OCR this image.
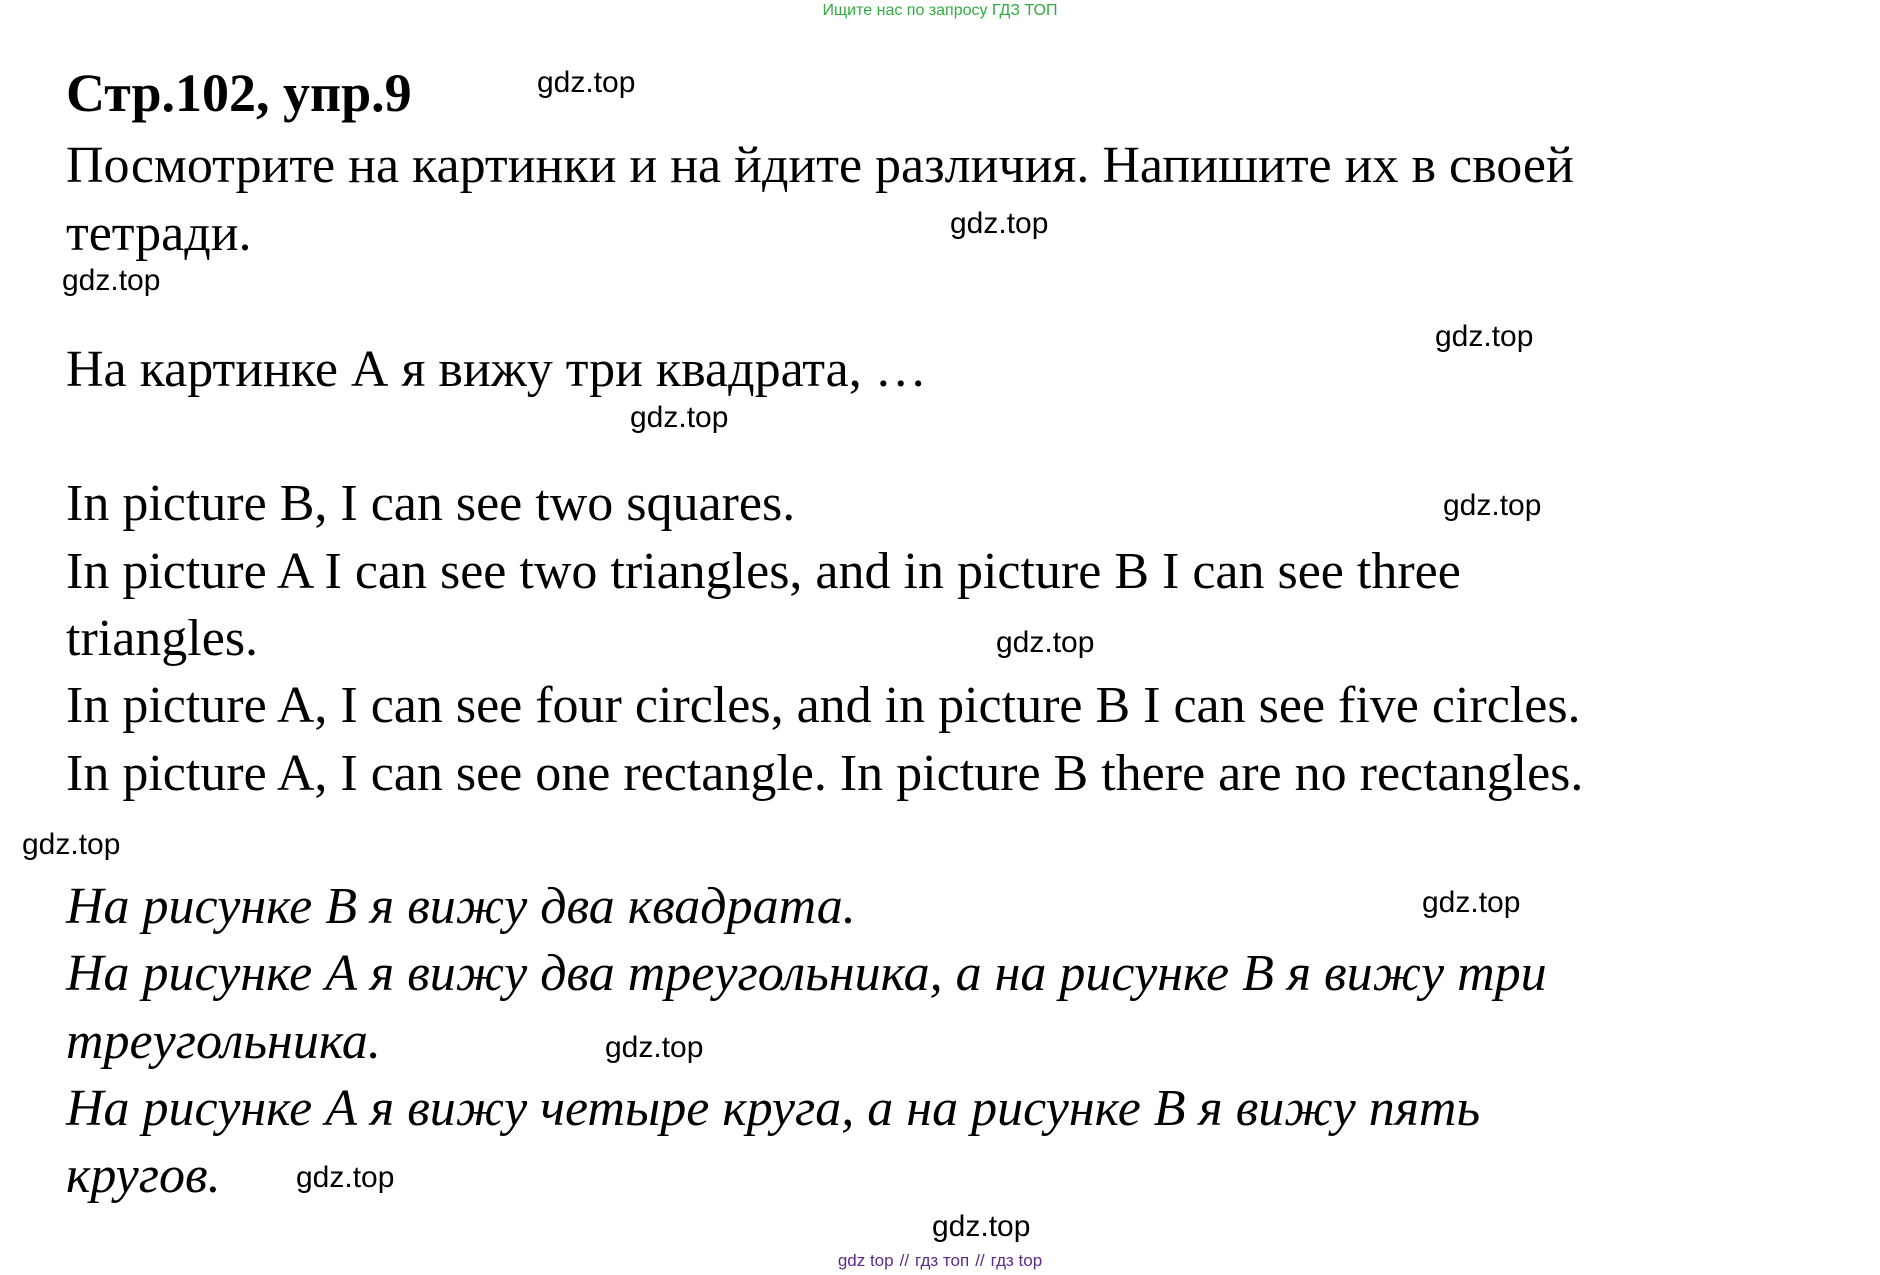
Ищите нас по запросу ГДЗ ТОП
Стр.102, упр.9

Посмотрите на картинки и на йдите различия. Напишите их в своей

тетради.

На картинке А я вижу три квадрата, …

In picture B, I can see two squares.

In picture A I can see two triangles, and in picture B I can see three

triangles.

In picture A, I can see four circles, and in picture B I can see five circles.

In picture A, I can see one rectangle. In picture B there are no rectangles.

На рисунке В я вижу два квадрата.

На рисунке А я вижу два треугольника, а на рисунке В я вижу три

треугольника.

На рисунке А я вижу четыре круга, а на рисунке В я вижу пять

кругов.

gdz.top
gdz.top
gdz.top
gdz.top
gdz.top
gdz.top
gdz.top
gdz.top
gdz.top
gdz.top
gdz.top
gdz.top
gdz top // гдз топ // гдз top
